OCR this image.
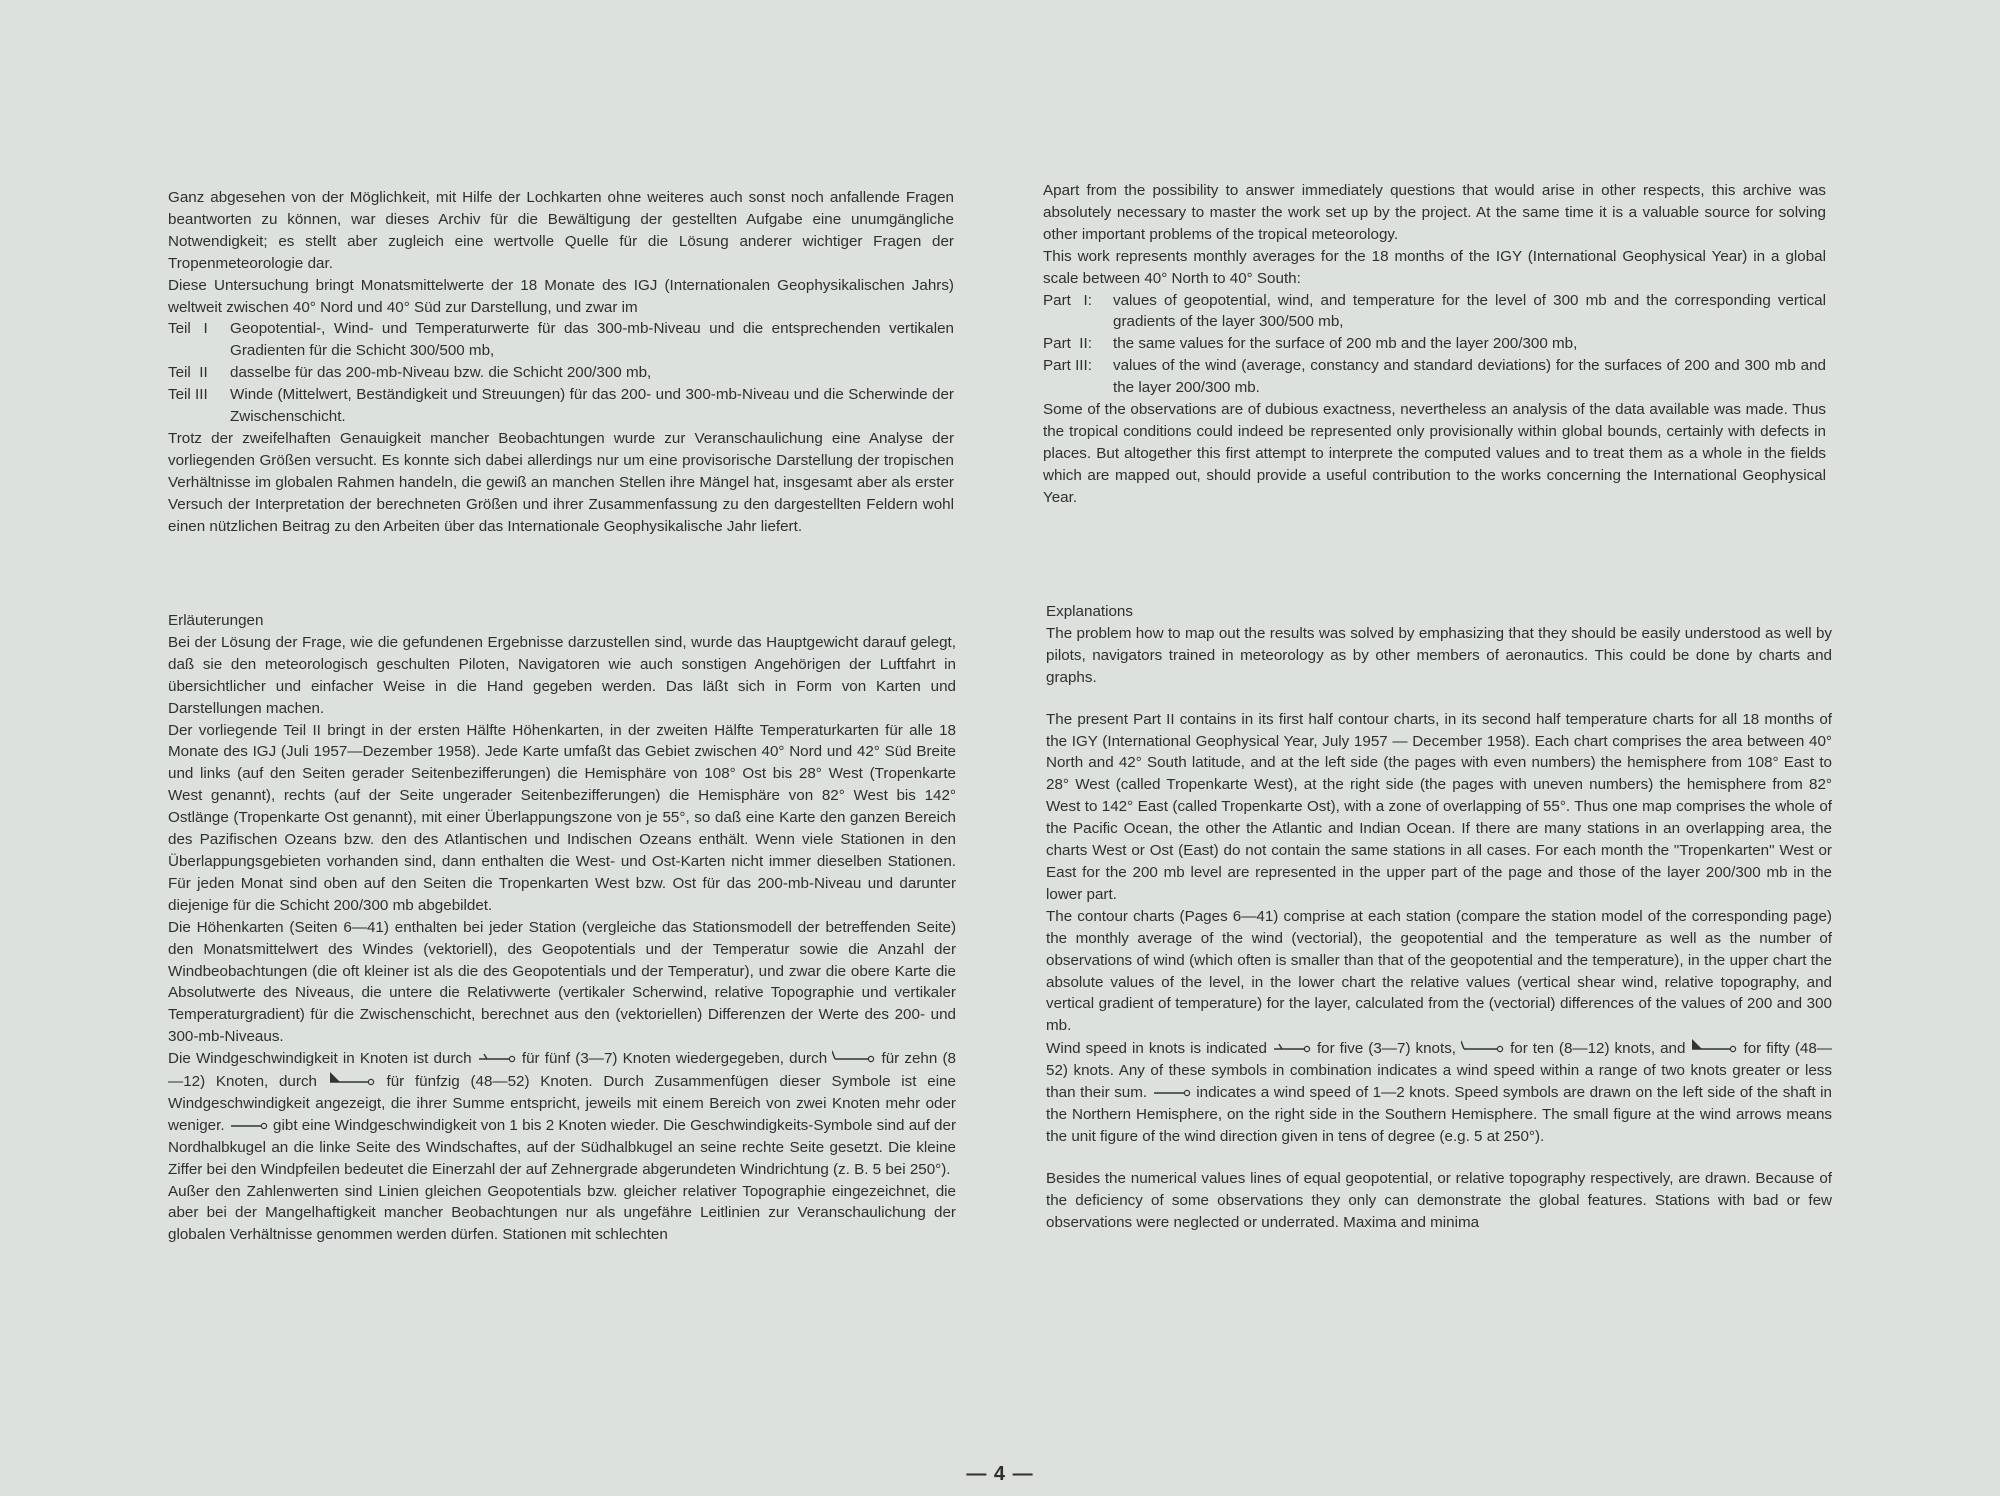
Ganz abgesehen von der Möglichkeit, mit Hilfe der Lochkarten ohne weiteres auch sonst noch anfallende Fragen beantworten zu können, war dieses Archiv für die Bewältigung der gestellten Aufgabe eine unumgängliche Notwendigkeit; es stellt aber zugleich eine wertvolle Quelle für die Lösung anderer wichtiger Fragen der Tropenmeteorologie dar.

Diese Untersuchung bringt Monatsmittelwerte der 18 Monate des IGJ (Internationalen Geophysikalischen Jahrs) weltweit zwischen 40° Nord und 40° Süd zur Darstellung, und zwar im

Teil   I	Geopotential-, Wind- und Temperaturwerte für das 300-mb-Niveau und die entsprechenden vertikalen Gradienten für die Schicht 300/500 mb,
Teil  II	dasselbe für das 200-mb-Niveau bzw. die Schicht 200/300 mb,
Teil III	Winde (Mittelwert, Beständigkeit und Streuungen) für das 200- und 300-mb-Niveau und die Scherwinde der Zwischenschicht.

Trotz der zweifelhaften Genauigkeit mancher Beobachtungen wurde zur Veranschaulichung eine Analyse der vorliegenden Größen versucht. Es konnte sich dabei allerdings nur um eine provisorische Darstellung der tropischen Verhältnisse im globalen Rahmen handeln, die gewiß an manchen Stellen ihre Mängel hat, insgesamt aber als erster Versuch der Interpretation der berechneten Größen und ihrer Zusammenfassung zu den dargestellten Feldern wohl einen nützlichen Beitrag zu den Arbeiten über das Internationale Geophysikalische Jahr liefert.

Apart from the possibility to answer immediately questions that would arise in other respects, this archive was absolutely necessary to master the work set up by the project. At the same time it is a valuable source for solving other important problems of the tropical meteorology.

This work represents monthly averages for the 18 months of the IGY (International Geophysical Year) in a global scale between 40° North to 40° South:

Part   I:	values of geopotential, wind, and temperature for the level of 300 mb and the corresponding vertical gradients of the layer 300/500 mb,
Part  II:	the same values for the surface of 200 mb and the layer 200/300 mb,
Part III:	values of the wind (average, constancy and standard deviations) for the surfaces of 200 and 300 mb and the layer 200/300 mb.

Some of the observations are of dubious exactness, nevertheless an analysis of the data available was made. Thus the tropical conditions could indeed be represented only provisionally within global bounds, certainly with defects in places. But altogether this first attempt to interprete the computed values and to treat them as a whole in the fields which are mapped out, should provide a useful contribution to the works concerning the International Geophysical Year.

Erläuterungen

Bei der Lösung der Frage, wie die gefundenen Ergebnisse darzustellen sind, wurde das Hauptgewicht darauf gelegt, daß sie den meteorologisch geschulten Piloten, Navigatoren wie auch sonstigen Angehörigen der Luftfahrt in übersichtlicher und einfacher Weise in die Hand gegeben werden. Das läßt sich in Form von Karten und Darstellungen machen.

Der vorliegende Teil II bringt in der ersten Hälfte Höhenkarten, in der zweiten Hälfte Temperaturkarten für alle 18 Monate des IGJ (Juli 1957—Dezember 1958). Jede Karte umfaßt das Gebiet zwischen 40° Nord und 42° Süd Breite und links (auf den Seiten gerader Seitenbezifferungen) die Hemisphäre von 108° Ost bis 28° West (Tropenkarte West genannt), rechts (auf der Seite ungerader Seitenbezifferungen) die Hemisphäre von 82° West bis 142° Ostlänge (Tropenkarte Ost genannt), mit einer Überlappungszone von je 55°, so daß eine Karte den ganzen Bereich des Pazifischen Ozeans bzw. den des Atlantischen und Indischen Ozeans enthält. Wenn viele Stationen in den Überlappungsgebieten vorhanden sind, dann enthalten die West- und Ost-Karten nicht immer dieselben Stationen. Für jeden Monat sind oben auf den Seiten die Tropenkarten West bzw. Ost für das 200-mb-Niveau und darunter diejenige für die Schicht 200/300 mb abgebildet.

Die Höhenkarten (Seiten 6—41) enthalten bei jeder Station (vergleiche das Stationsmodell der betreffenden Seite) den Monatsmittelwert des Windes (vektoriell), des Geopotentials und der Temperatur sowie die Anzahl der Windbeobachtungen (die oft kleiner ist als die des Geopotentials und der Temperatur), und zwar die obere Karte die Absolutwerte des Niveaus, die untere die Relativwerte (vertikaler Scherwind, relative Topographie und vertikaler Temperaturgradient) für die Zwischenschicht, berechnet aus den (vektoriellen) Differenzen der Werte des 200- und 300-mb-Niveaus.

Die Windgeschwindigkeit in Knoten ist durch	für fünf (3—7) Knoten wiedergegeben, durch	für zehn (8—12) Knoten, durch	für fünfzig (48—52) Knoten. Durch Zusammenfügen dieser Symbole ist eine Windgeschwindigkeit angezeigt, die ihrer Summe entspricht, jeweils mit einem Bereich von zwei Knoten mehr oder weniger.	gibt eine Windgeschwindigkeit von 1 bis 2 Knoten wieder. Die Geschwindigkeits-Symbole sind auf der Nordhalbkugel an die linke Seite des Windschaftes, auf der Südhalbkugel an seine rechte Seite gesetzt. Die kleine Ziffer bei den Windpfeilen bedeutet die Einerzahl der auf Zehnergrade abgerundeten Windrichtung (z. B. 5 bei 250°).

Außer den Zahlenwerten sind Linien gleichen Geopotentials bzw. gleicher relativer Topographie eingezeichnet, die aber bei der Mangelhaftigkeit mancher Beobachtungen nur als ungefähre Leitlinien zur Veranschaulichung der globalen Verhältnisse genommen werden dürfen. Stationen mit schlechten

Explanations

The problem how to map out the results was solved by emphasizing that they should be easily understood as well by pilots, navigators trained in meteorology as by other members of aeronautics. This could be done by charts and graphs.

The present Part II contains in its first half contour charts, in its second half temperature charts for all 18 months of the IGY (International Geophysical Year, July 1957 — December 1958). Each chart comprises the area between 40° North and 42° South latitude, and at the left side (the pages with even numbers) the hemisphere from 108° East to 28° West (called Tropenkarte West), at the right side (the pages with uneven numbers) the hemisphere from 82° West to 142° East (called Tropenkarte Ost), with a zone of overlapping of 55°. Thus one map comprises the whole of the Pacific Ocean, the other the Atlantic and Indian Ocean. If there are many stations in an overlapping area, the charts West or Ost (East) do not contain the same stations in all cases. For each month the "Tropenkarten" West or East for the 200 mb level are represented in the upper part of the page and those of the layer 200/300 mb in the lower part.

The contour charts (Pages 6—41) comprise at each station (compare the station model of the corresponding page) the monthly average of the wind (vectorial), the geopotential and the temperature as well as the number of observations of wind (which often is smaller than that of the geopotential and the temperature), in the upper chart the absolute values of the level, in the lower chart the relative values (vertical shear wind, relative topography, and vertical gradient of temperature) for the layer, calculated from the (vectorial) differences of the values of 200 and 300 mb.

Wind speed in knots is indicated	for five (3—7) knots,	for ten (8—12) knots, and	for fifty (48—52) knots. Any of these symbols in combination indicates a wind speed within a range of two knots greater or less than their sum.	indicates a wind speed of 1—2 knots. Speed symbols are drawn on the left side of the shaft in the Northern Hemisphere, on the right side in the Southern Hemisphere. The small figure at the wind arrows means the unit figure of the wind direction given in tens of degree (e.g. 5 at 250°).

Besides the numerical values lines of equal geopotential, or relative topography respectively, are drawn. Because of the deficiency of some observations they only can demonstrate the global features. Stations with bad or few observations were neglected or underrated. Maxima and minima

— 4 —
